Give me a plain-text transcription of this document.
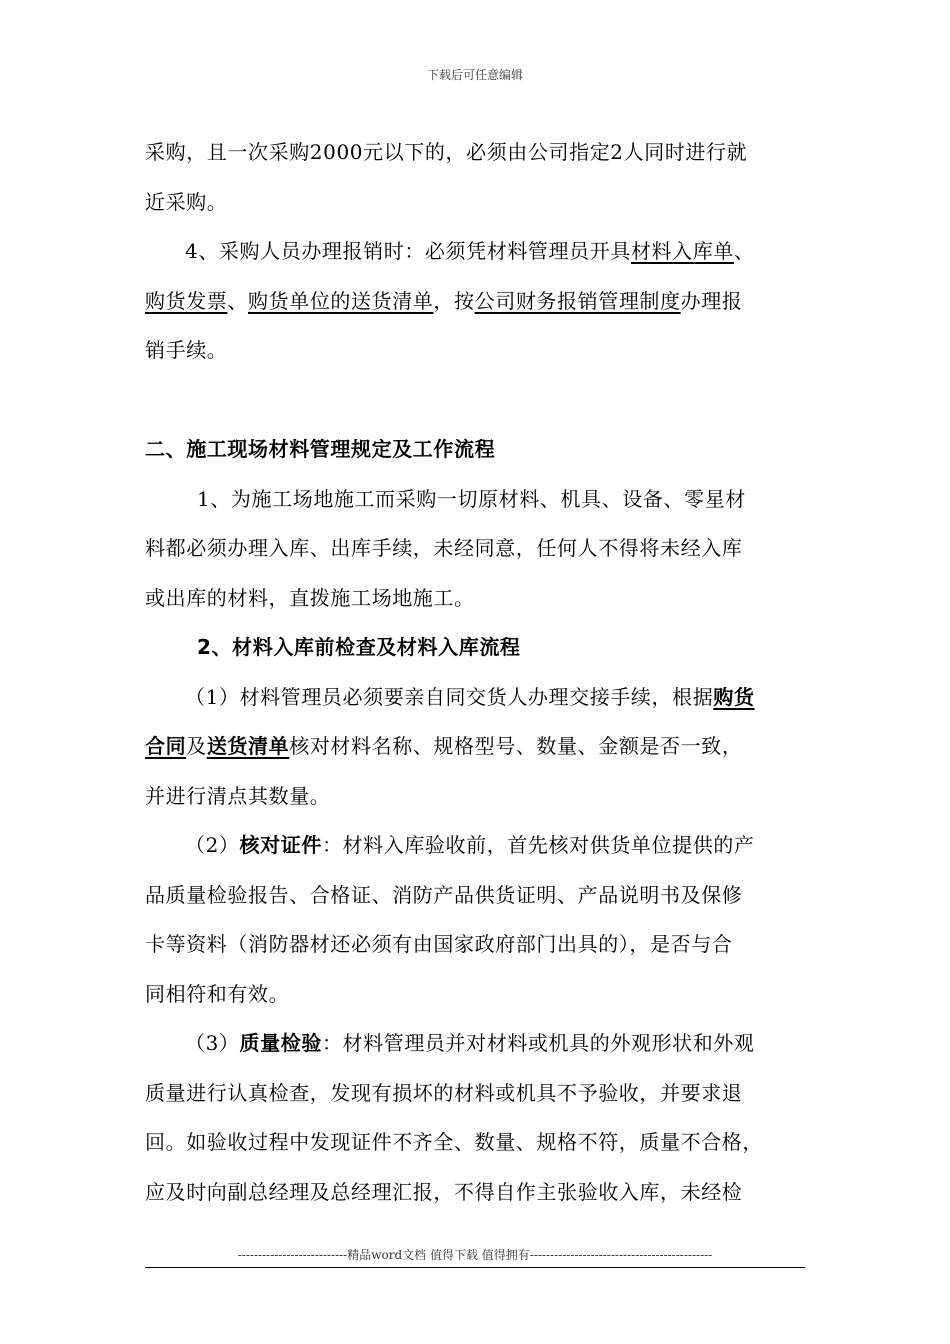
下载后可任意编辑

采购，且一次采购2000元以下的，必须由公司指定2人同时进行就

近采购。

4、采购人员办理报销时：必须凭材料管理员开具材料入库单、

购货发票、购货单位的送货清单，按公司财务报销管理制度办理报

销手续。

二、施工现场材料管理规定及工作流程

1、为施工场地施工而采购一切原材料、机具、设备、零星材

料都必须办理入库、出库手续，未经同意，任何人不得将未经入库

或出库的材料，直拨施工场地施工。

2、材料入库前检查及材料入库流程

（1）材料管理员必须要亲自同交货人办理交接手续，根据购货

合同及送货清单核对材料名称、规格型号、数量、金额是否一致，

并进行清点其数量。

（2）核对证件：材料入库验收前，首先核对供货单位提供的产

品质量检验报告、合格证、消防产品供货证明、产品说明书及保修

卡等资料（消防器材还必须有由国家政府部门出具的），是否与合

同相符和有效。

（3）质量检验：材料管理员并对材料或机具的外观形状和外观

质量进行认真检查，发现有损坏的材料或机具不予验收，并要求退

回。如验收过程中发现证件不齐全、数量、规格不符，质量不合格，

应及时向副总经理及总经理汇报，不得自作主张验收入库，未经检

---------------------------精品word文档 值得下载 值得拥有---------------------------------------------
